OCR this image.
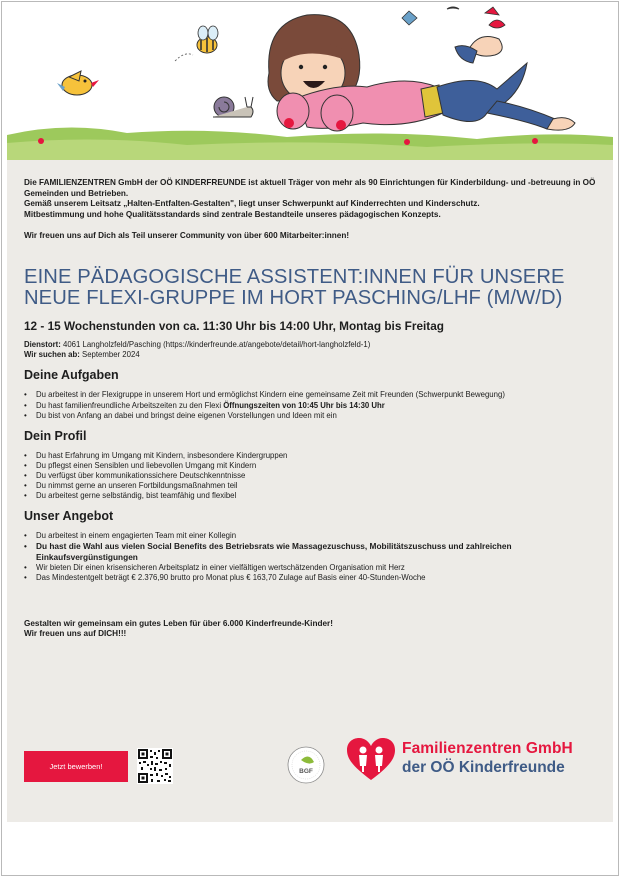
Die FAMILIENZENTREN GmbH der OÖ KINDERFREUNDE ist aktuell Träger von mehr als 90 Einrichtungen für Kinderbildung- und -betreuung in OÖ Gemeinden und Betrieben.

Gemäß unserem Leitsatz „Halten-Entfalten-Gestalten", liegt unser Schwerpunkt auf Kinderrechten und Kinderschutz.

Mitbestimmung und hohe Qualitätsstandards sind zentrale Bestandteile unseres pädagogischen Konzepts.

Wir freuen uns auf Dich als Teil unserer Community von über 600 Mitarbeiter:innen!

EINE PÄDAGOGISCHE ASSISTENT:INNEN FÜR UNSERE NEUE FLEXI-GRUPPE IM HORT PASCHING/LHF (M/W/D)
12 - 15 Wochenstunden von ca. 11:30 Uhr bis 14:00 Uhr, Montag bis Freitag
Dienstort: 4061 Langholzfeld/Pasching (https://kinderfreunde.at/angebote/detail/hort-langholzfeld-1)
Wir suchen ab: September 2024
Deine Aufgaben
• Du arbeitest in der Flexigruppe in unserem Hort und ermöglichst Kindern eine gemeinsame Zeit mit Freunden (Schwerpunkt Bewegung)
• Du hast familienfreundliche Arbeitszeiten zu den Flexi Öffnungszeiten von 10:45 Uhr bis 14:30 Uhr
• Du bist von Anfang an dabei und bringst deine eigenen Vorstellungen und Ideen mit ein
Dein Profil
• Du hast Erfahrung im Umgang mit Kindern, insbesondere Kindergruppen
• Du pflegst einen Sensiblen und liebevollen Umgang mit Kindern
• Du verfügst über kommunikationssichere Deutschkenntnisse
• Du nimmst gerne an unseren Fortbildungsmaßnahmen teil
• Du arbeitest gerne selbständig, bist teamfähig und flexibel
Unser Angebot
• Du arbeitest in einem engagierten Team mit einer Kollegin
• Du hast die Wahl aus vielen Social Benefits des Betriebsrats wie Massagezuschuss, Mobilitätszuschuss und zahlreichen Einkaufsvergünstigungen
• Wir bieten Dir einen krisensicheren Arbeitsplatz in einer vielfältigen wertschätzenden Organisation mit Herz
• Das Mindestentgelt beträgt € 2.376,90 brutto pro Monat plus € 163,70 Zulage auf Basis einer 40-Stunden-Woche
Gestalten wir gemeinsam ein gutes Leben für über 6.000 Kinderfreunde-Kinder!
Wir freuen uns auf DICH!!!
Jetzt bewerben!
BGF
Familienzentren GmbH
der OÖ Kinderfreunde
